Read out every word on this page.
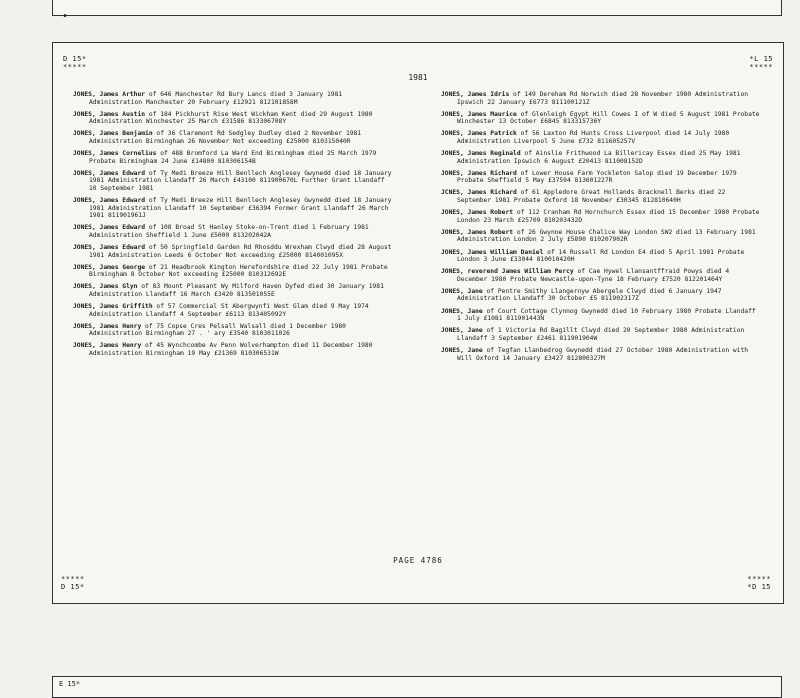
•
D 15*
*****
*L 15
*****
1981
JONES, James Arthur of 646 Manchester Rd Bury Lancs died 3 January 1981 Administration Manchester 20 February £12921 812101858M
JONES, James Austin of 184 Pickhurst Rise West Wickham Kent died 29 August 1980 Administration Winchester 25 March £31586 813306708Y
JONES, James Benjamin of 36 Claremont Rd Sedgley Dudley died 2 November 1981 Administration Birmingham 26 November Not exceeding £25000 810315040R
JONES, James Cornelius of 488 Bromford La Ward End Birmingham died 25 March 1979 Probate Birmingham 24 June £14800 810306154B
JONES, James Edward of Ty Medi Breeze Hill Benllech Anglesey Gwynedd died 18 January 1981 Administration Llandaff 26 March £43100 811900670L Further Grant Llandaff 10 September 1981
JONES, James Edward of Ty Medi Breeze Hill Benllech Anglesey Gwynedd died 18 January 1981 Administration Llandaff 10 September £36394 Former Grant Llandaff 26 March 1981 811901961J
JONES, James Edward of 108 Broad St Hanley Stoke-on-Trent died 1 February 1981 Administration Sheffield 1 June £5000 813202042A
JONES, James Edward of 50 Springfield Garden Rd Rhosddu Wrexham Clwyd died 28 August 1981 Administration Leeds 6 October Not exceeding £25000 814001095X
JONES, James George of 21 Headbrook Kington Herefordshire died 22 July 1981 Probate Birmingham 8 October Not exceeding £25000 810312692E
JONES, James Glyn of 83 Mount Pleasant Wy Milford Haven Dyfed died 30 January 1981 Administration Llandaff 16 March £3420 813501055E
JONES, James Griffith of 57 Commercial St Abergwynfi West Glam died 9 May 1974 Administration Llandaff 4 September £6113 813405092Y
JONES, James Henry of 75 Copse Cres Pelsall Walsall died 1 December 1980 Administration Birmingham 27 . ' ary £3540 8103011026
JONES, James Henry of 45 Wynchcombe Av Penn Wolverhampton died 11 December 1980 Administration Birmingham 19 May £21369 810306531W
JONES, James Idris of 149 Dereham Rd Norwich died 28 November 1980 Administration Ipswich 22 January £6773 811100121Z
JONES, James Maurice of Glenleigh Egypt Hill Cowes I of W died 5 August 1981 Probate Winchester 13 October £6845 813315736Y
JONES, James Patrick of 56 Laxton Rd Hunts Cross Liverpool died 14 July 1980 Administration Liverpool 5 June £732 811605257V
JONES, James Reginald of Ainslie Frithwood La Billericay Essex died 25 May 1981 Administration Ipswich 6 August £20413 811008152D
JONES, James Richard of Lower House Farm Yockleton Salop died 19 December 1979 Probate Sheffield 5 May £37594 813601227R
JCNES, James Richard of 61 Appledore Great Hollands Bracknell Berks died 22 September 1981 Probate Oxford 18 November £30345 812810640H
JONES, James Robert of 112 Cranham Rd Hornchurch Essex died 15 December 1980 Probate London 23 March £25709 810203432D
JONES, James Robert of 26 Gwynne House Chalice Way London SW2 died 13 February 1981 Administration London 2 July £5890 810207902R
JONES, James William Daniel of 14 Russell Rd London E4 died 5 April 1981 Probate London 3 June £33044 810010420H
JONES, reverend James William Percy of Cae Hywel Llansantffraid Powys died 4 December 1980 Probate Newcastle-upon-Tyne 18 February £7520 812201464Y
JONES, Jane of Pentre Smithy Llangernyw Abergele Clwyd died 6 January 1947 Administration Llandaff 30 October £5 811902317Z
JONES, Jane of Court Cottage Clynnog Gwynedd died 10 February 1980 Probate Llandaff 1 July £1081 811901443N
JONES, Jane of 1 Victoria Rd Bagillt Clwyd died 20 September 1980 Administration Llandaff 3 September £2461 811901904W
JONES, Jane of Tegfan Llanbedrog Gwynedd died 27 October 1980 Administration with Will Oxford 14 January £3427 812800327M
PAGE 4786
*****
D 15*
*****
*D 15
E 15*
